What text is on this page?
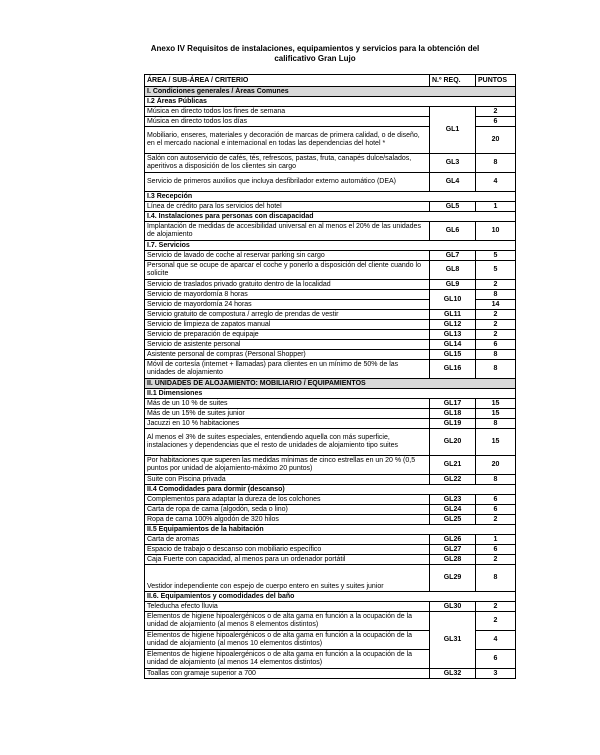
Anexo IV Requisitos de instalaciones, equipamientos y servicios para la obtención del
calificativo Gran Lujo
ÁREA / SUB-ÁREA / CRITERIO	N.º REQ.	PUNTOS
I. Condiciones generales / Áreas Comunes		
I.2 Áreas Públicas		
Música en directo todos los fines de semana	GL1	2
Música en directo todos los días		6
Mobiliario, enseres, materiales y decoración de marcas de primera calidad, o de diseño, en el mercado nacional e internacional en todas las dependencias del hotel *		20
Salón con autoservicio de cafés, tés, refrescos, pastas, fruta, canapés dulce/salados, aperitivos a disposición de los clientes sin cargo	GL3	8
Servicio de primeros auxilios que incluya desfibrilador externo automático (DEA)	GL4	4
I.3 Recepción		
Línea de crédito para los servicios del hotel	GL5	1
I.4. Instalaciones para personas con discapacidad		
Implantación de medidas de accesibilidad universal en al menos el 20% de las unidades de alojamiento	GL6	10
I.7. Servicios		
Servicio de lavado de coche al reservar parking sin cargo	GL7	5
Personal que se ocupe de aparcar el coche y ponerlo a disposición del cliente cuando lo solicite	GL8	5
Servicio de traslados privado gratuito dentro de la localidad	GL9	2
Servicio de mayordomía 8 horas	GL10	8
Servicio de mayordomía 24 horas		14
Servicio gratuito de compostura / arreglo de prendas de vestir	GL11	2
Servicio de limpieza de zapatos manual	GL12	2
Servicio de preparación de equipaje	GL13	2
Servicio de asistente personal	GL14	6
Asistente personal de compras (Personal Shopper)	GL15	8
Móvil de cortesía (internet + llamadas) para clientes en un mínimo de 50% de las unidades de alojamiento	GL16	8
II. UNIDADES DE ALOJAMIENTO: MOBILIARIO / EQUIPAMIENTOS		
II.1 Dimensiones		
Más de un 10 % de suites	GL17	15
Más de un 15% de suites junior	GL18	15
Jacuzzi en 10 % habitaciones	GL19	8
Al menos el 3% de suites especiales, entendiendo aquella con más superficie, instalaciones y dependencias que el resto de unidades de alojamiento tipo suites	GL20	15
Por habitaciones que superen las medidas mínimas de cinco estrellas en un 20 % (0,5 puntos por unidad de alojamiento-máximo 20 puntos)	GL21	20
Suite con Piscina privada	GL22	8
II.4 Comodidades para dormir (descanso)		
Complementos para adaptar la dureza de los colchones	GL23	6
Carta de ropa de cama (algodón, seda o lino)	GL24	6
Ropa de cama 100% algodón de 320 hilos	GL25	2
II.5 Equipamientos de la habitación		
Carta de aromas	GL26	1
Espacio de trabajo o descanso con mobiliario específico	GL27	6
Caja Fuerte con capacidad, al menos para un ordenador portátil	GL28	2
Vestidor independiente con espejo de cuerpo entero en suites y suites junior	GL29	8
II.6. Equipamientos y comodidades del baño		
Teleducha efecto lluvia	GL30	2
Elementos de higiene hipoalergénicos o de alta gama en función a la ocupación de la unidad de alojamiento (al menos 8 elementos distintos)	GL31	2
Elementos de higiene hipoalergénicos o de alta gama en función a la ocupación de la unidad de alojamiento (al menos 10 elementos distintos)		4
Elementos de higiene hipoalergénicos o de alta gama en función a la ocupación de la unidad de alojamiento (al menos 14 elementos distintos)		6
Toallas con gramaje superior a 700	GL32	3
